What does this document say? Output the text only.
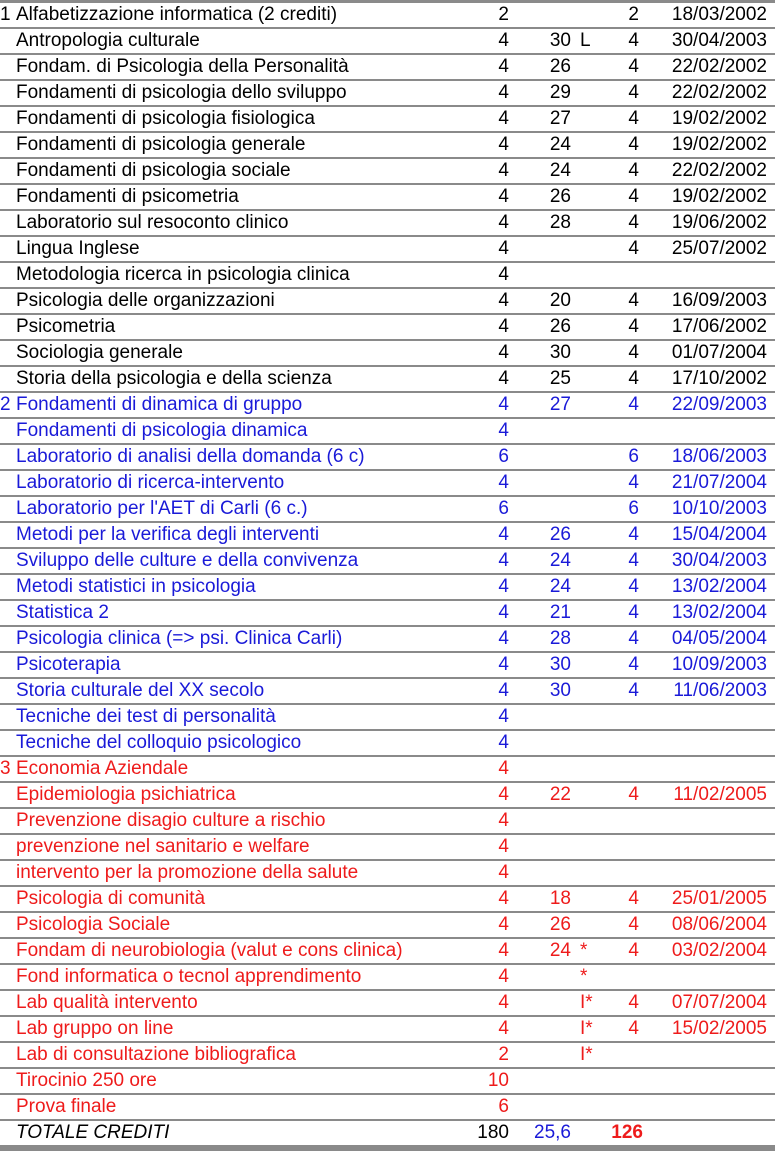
1 Alfabetizzazione informatica (2 crediti)	2	2 18/03/2002
Antropologia culturale	4 30 L 4 30/04/2003
Fondam. di Psicologia della Personalità	4 26	4 22/02/2002
Fondamenti di psicologia dello sviluppo	4 29	4 22/02/2002
Fondamenti di psicologia fisiologica	4 27	4 19/02/2002
Fondamenti di psicologia generale	4 24	4 19/02/2002
Fondamenti di psicologia sociale	4 24	4 22/02/2002
Fondamenti di psicometria	4 26	4 19/02/2002
Laboratorio sul resoconto clinico	4 28	4 19/06/2002
Lingua Inglese	4	4 25/07/2002
Metodologia ricerca in psicologia clinica	4
Psicologia delle organizzazioni	4 20	4 16/09/2003
Psicometria	4 26	4 17/06/2002
Sociologia generale	4 30	4 01/07/2004
Storia della psicologia e della scienza	4 25	4 17/10/2002
2 Fondamenti di dinamica di gruppo	4 27	4 22/09/2003
Fondamenti di psicologia dinamica	4
Laboratorio di analisi della domanda (6 c)	6	6 18/06/2003
Laboratorio di ricerca-intervento	4	4 21/07/2004
Laboratorio per l'AET di Carli (6 c.)	6	6 10/10/2003
Metodi per la verifica degli interventi	4 26	4 15/04/2004
Sviluppo delle culture e della convivenza	4 24	4 30/04/2003
Metodi statistici in psicologia	4 24	4 13/02/2004
Statistica 2	4 21	4 13/02/2004
Psicologia clinica (=> psi. Clinica Carli)	4 28	4 04/05/2004
Psicoterapia	4 30	4 10/09/2003
Storia culturale del XX secolo	4 30	4 11/06/2003
Tecniche dei test di personalità	4
Tecniche del colloquio psicologico	4
3 Economia Aziendale	4
Epidemiologia psichiatrica	4 22	4 11/02/2005
Prevenzione disagio culture a rischio	4
prevenzione nel sanitario e welfare	4
intervento per la promozione della salute	4
Psicologia di comunità	4 18	4 25/01/2005
Psicologia Sociale	4 26	4 08/06/2004
Fondam di neurobiologia (valut e cons clinica)	4 24 * 4 03/02/2004
Fond informatica o tecnol apprendimento	4	*
Lab qualità intervento	4	I* 4 07/07/2004
Lab gruppo on line	4	I* 4 15/02/2005
Lab di consultazione bibliografica	2	I*
Tirocinio 250 ore	10
Prova finale	6
TOTALE CREDITI	180 25,6 126
